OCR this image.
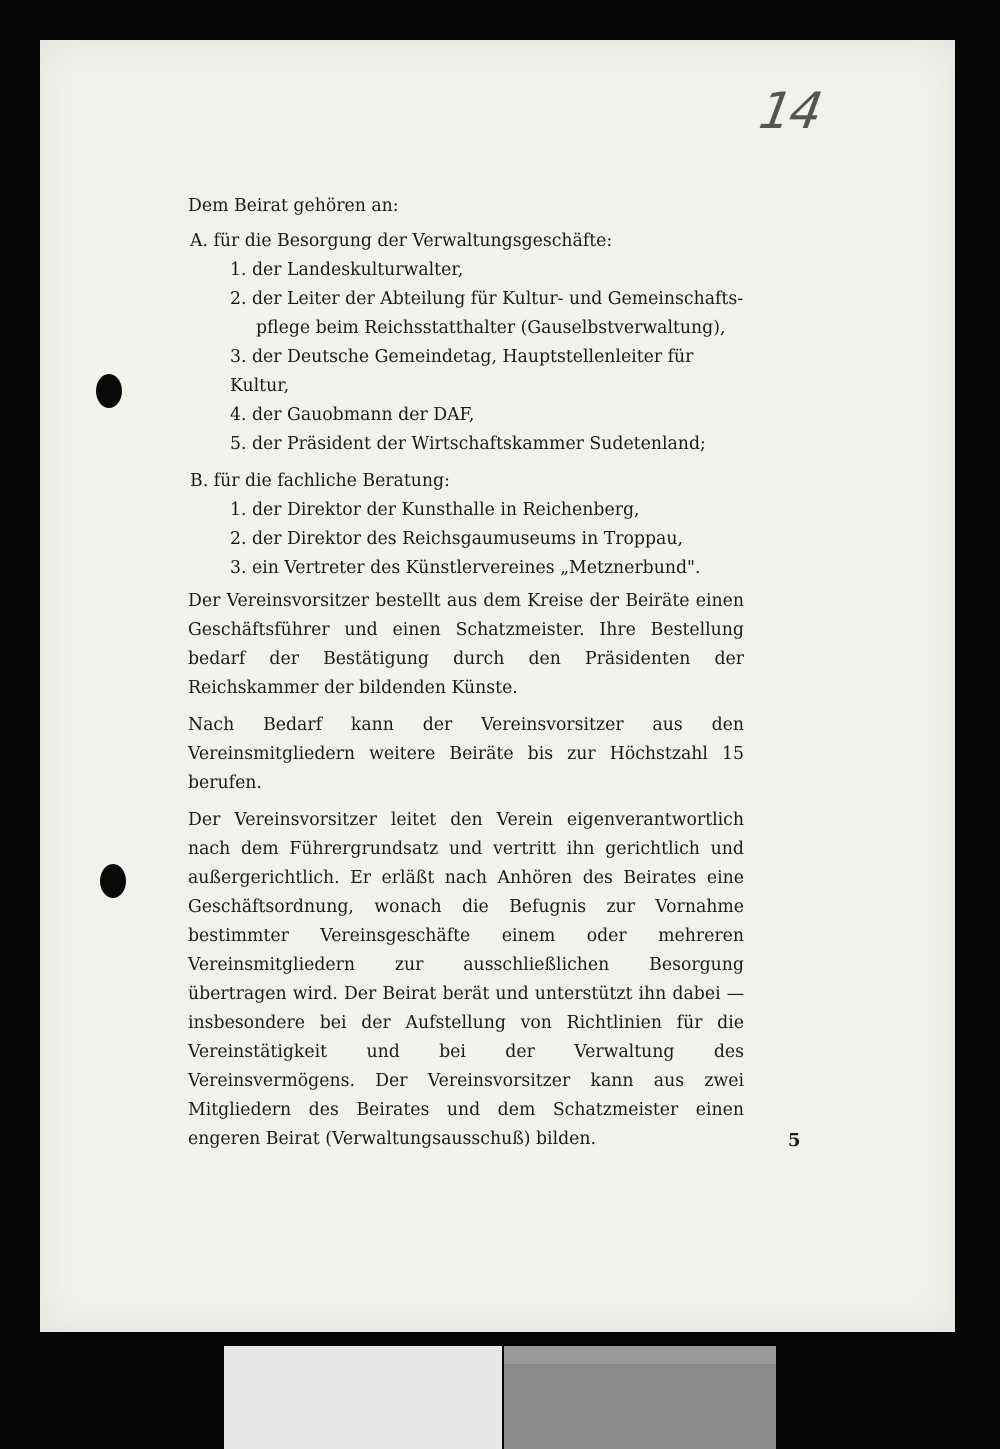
14

Dem Beirat gehören an:

A. für die Besorgung der Verwaltungsgeschäfte:

1. der Landeskulturwalter,

2. der Leiter der Abteilung für Kultur- und Gemeinschafts-

pflege beim Reichsstatthalter (Gauselbstverwaltung),

3. der Deutsche Gemeindetag, Hauptstellenleiter für Kultur,

4. der Gauobmann der DAF,

5. der Präsident der Wirtschaftskammer Sudetenland;

B. für die fachliche Beratung:

1. der Direktor der Kunsthalle in Reichenberg,

2. der Direktor des Reichsgaumuseums in Troppau,

3. ein Vertreter des Künstlervereines „Metznerbund".

Der Vereinsvorsitzer bestellt aus dem Kreise der Beiräte einen Geschäftsführer und einen Schatzmeister. Ihre Bestellung bedarf der Bestätigung durch den Präsidenten der Reichskammer der bildenden Künste.

Nach Bedarf kann der Vereinsvorsitzer aus den Vereinsmitgliedern weitere Beiräte bis zur Höchstzahl 15 berufen.

Der Vereinsvorsitzer leitet den Verein eigenverantwortlich nach dem Führergrundsatz und vertritt ihn gerichtlich und außergerichtlich. Er erläßt nach Anhören des Beirates eine Geschäftsordnung, wonach die Befugnis zur Vornahme bestimmter Vereinsgeschäfte einem oder mehreren Vereinsmitgliedern zur ausschließlichen Besorgung übertragen wird. Der Beirat berät und unterstützt ihn dabei — insbesondere bei der Aufstellung von Richtlinien für die Vereinstätigkeit und bei der Verwaltung des Vereinsvermögens. Der Vereinsvorsitzer kann aus zwei Mitgliedern des Beirates und dem Schatzmeister einen engeren Beirat (Verwaltungsausschuß) bilden.	5
